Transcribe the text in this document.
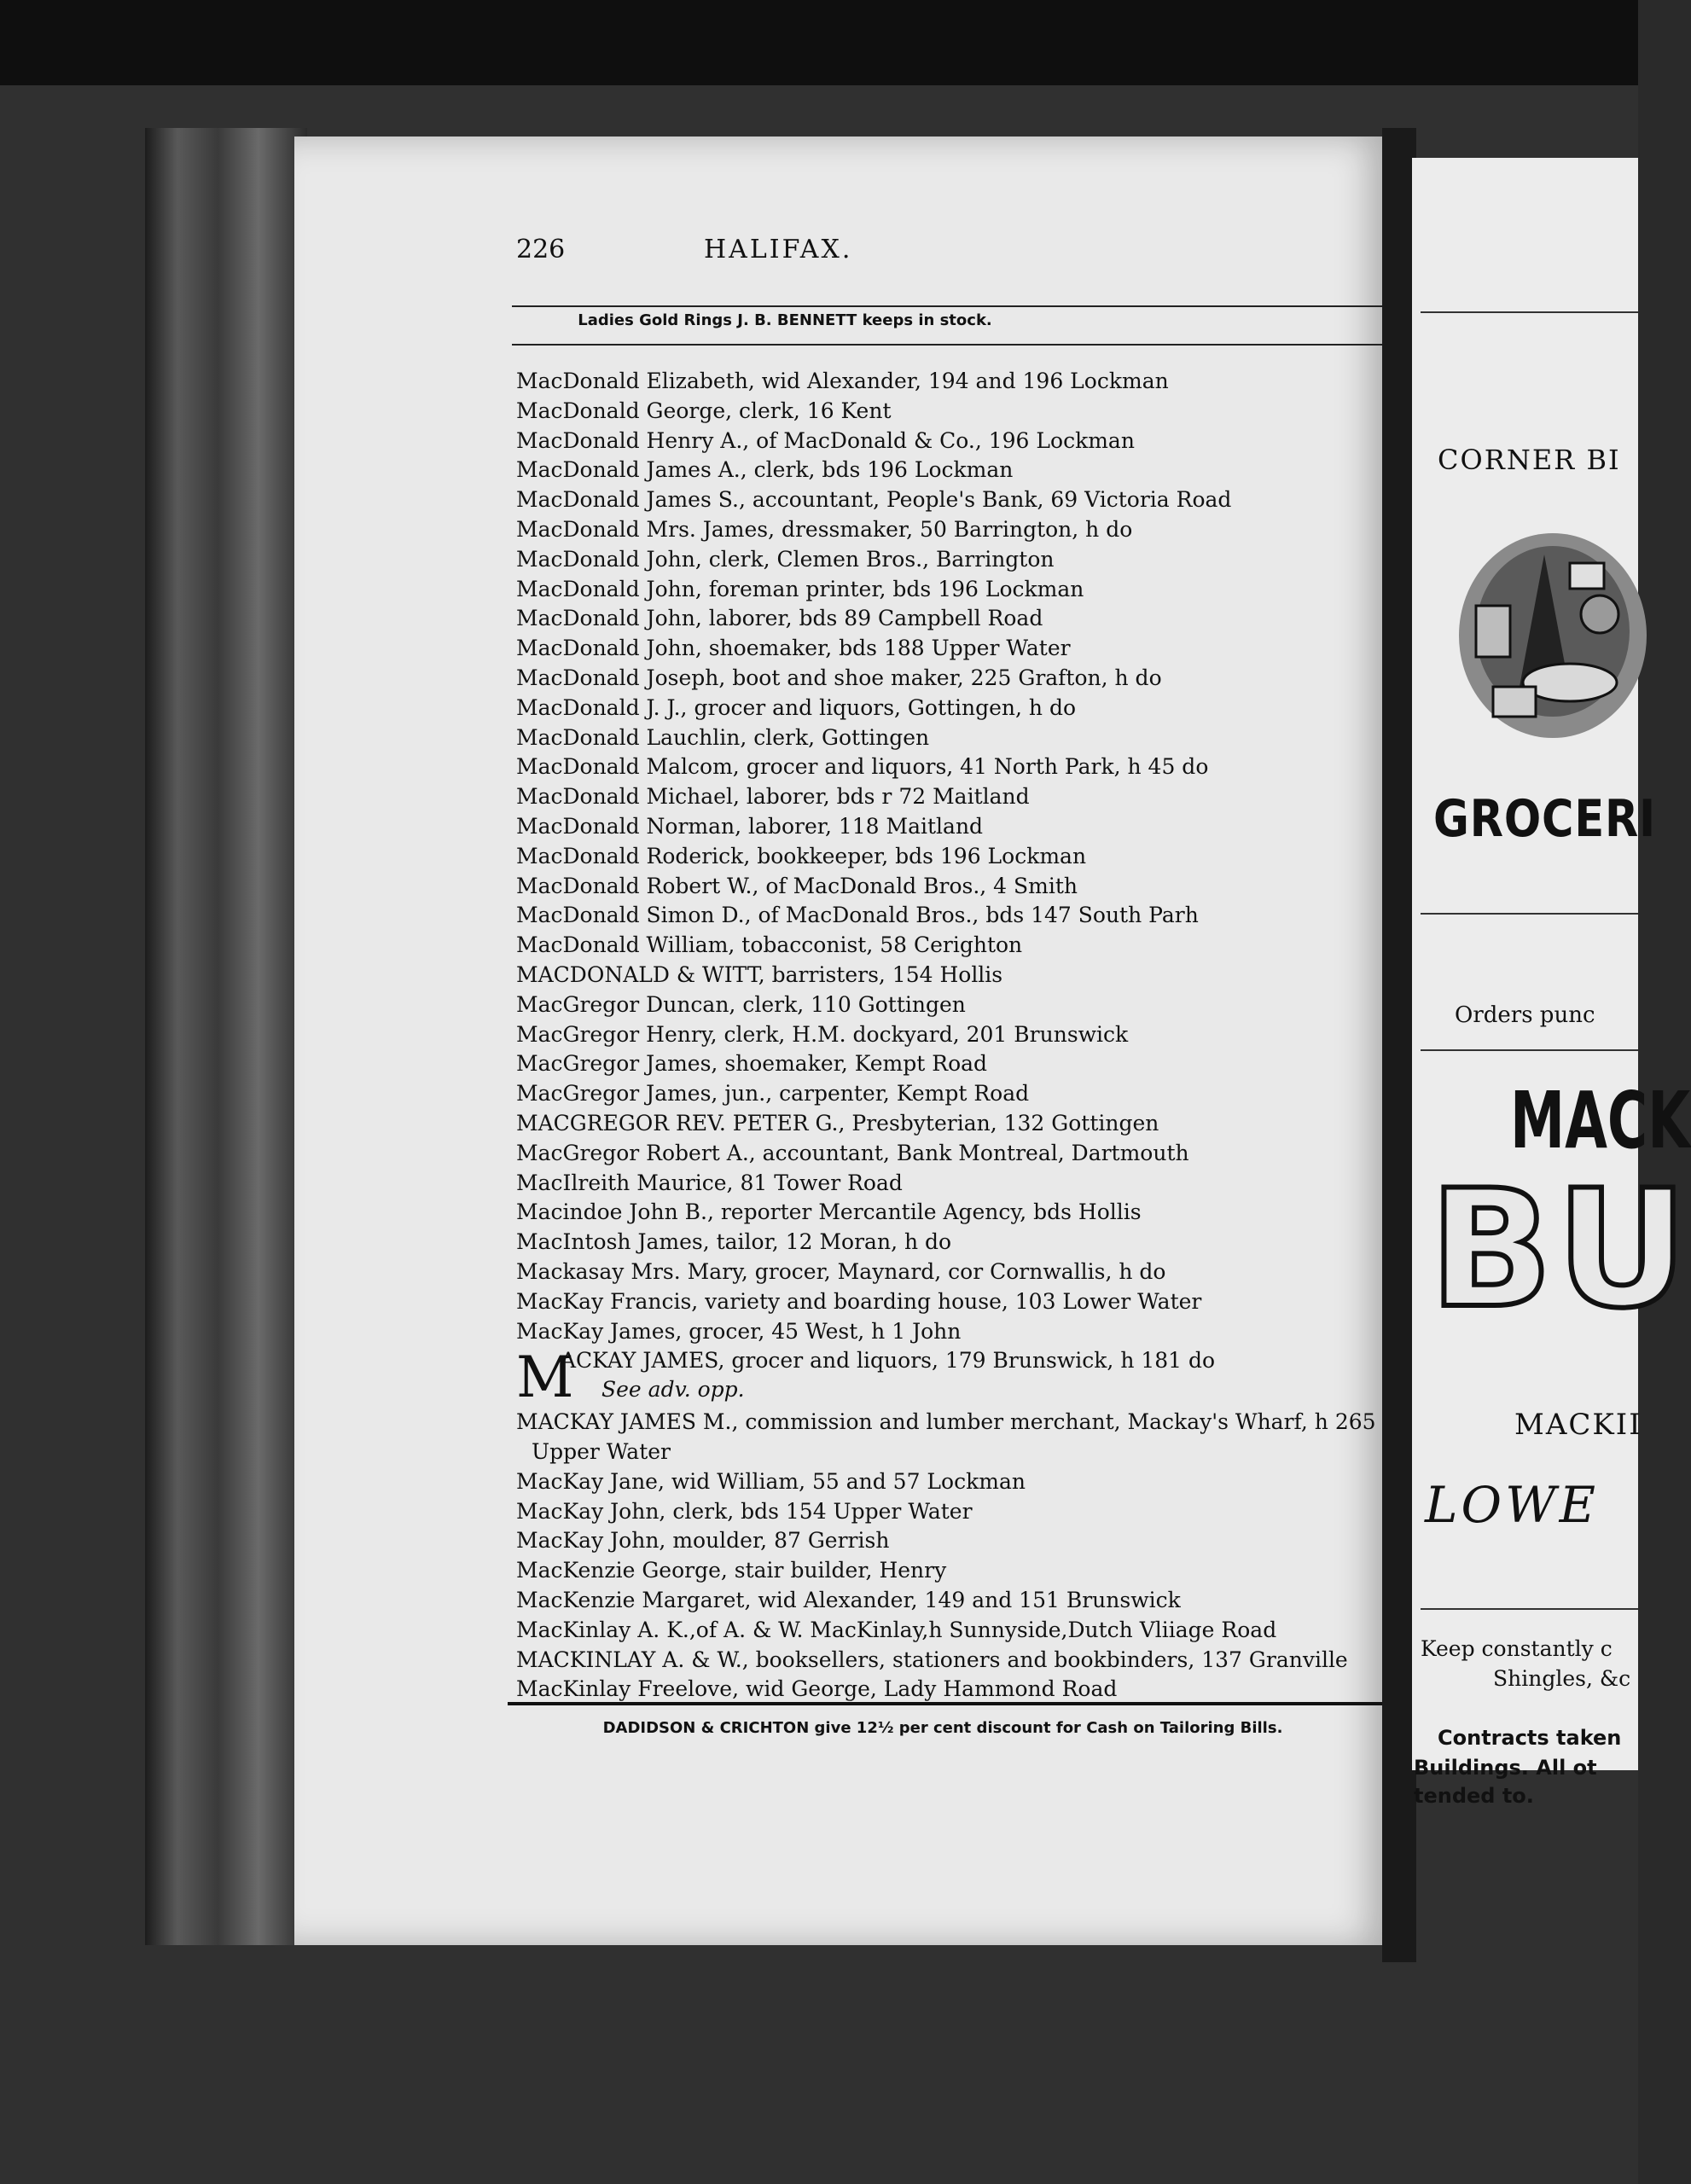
226	HALIFAX.
Ladies Gold Rings J. B. BENNETT keeps in stock.
MacDonald Elizabeth, wid Alexander, 194 and 196 Lockman
MacDonald George, clerk, 16 Kent
MacDonald Henry A., of MacDonald & Co., 196 Lockman
MacDonald James A., clerk, bds 196 Lockman
MacDonald James S., accountant, People's Bank, 69 Victoria Road
MacDonald Mrs. James, dressmaker, 50 Barrington, h do
MacDonald John, clerk, Clemen Bros., Barrington
MacDonald John, foreman printer, bds 196 Lockman
MacDonald John, laborer, bds 89 Campbell Road
MacDonald John, shoemaker, bds 188 Upper Water
MacDonald Joseph, boot and shoe maker, 225 Grafton, h do
MacDonald J. J., grocer and liquors, Gottingen, h do
MacDonald Lauchlin, clerk, Gottingen
MacDonald Malcom, grocer and liquors, 41 North Park, h 45 do
MacDonald Michael, laborer, bds r 72 Maitland
MacDonald Norman, laborer, 118 Maitland
MacDonald Roderick, bookkeeper, bds 196 Lockman
MacDonald Robert W., of MacDonald Bros., 4 Smith
MacDonald Simon D., of MacDonald Bros., bds 147 South Parh
MacDonald William, tobacconist, 58 Cerighton
MACDONALD & WITT, barristers, 154 Hollis
MacGregor Duncan, clerk, 110 Gottingen
MacGregor Henry, clerk, H.M. dockyard, 201 Brunswick
MacGregor James, shoemaker, Kempt Road
MacGregor James, jun., carpenter, Kempt Road
MACGREGOR REV. PETER G., Presbyterian, 132 Gottingen
MacGregor Robert A., accountant, Bank Montreal, Dartmouth
MacIlreith Maurice, 81 Tower Road
Macindoe John B., reporter Mercantile Agency, bds Hollis
MacIntosh James, tailor, 12 Moran, h do
Mackasay Mrs. Mary, grocer, Maynard, cor Cornwallis, h do
MacKay Francis, variety and boarding house, 103 Lower Water
MacKay James, grocer, 45 West, h 1 John
M
ACKAY JAMES, grocer and liquors, 179 Brunswick, h 181 do
See adv. opp.
MACKAY JAMES M., commission and lumber merchant, Mackay's Wharf, h 265 Upper Water
MacKay Jane, wid William, 55 and 57 Lockman
MacKay John, clerk, bds 154 Upper Water
MacKay John, moulder, 87 Gerrish
MacKenzie George, stair builder, Henry
MacKenzie Margaret, wid Alexander, 149 and 151 Brunswick
MacKinlay A. K.,of A. & W. MacKinlay,h Sunnyside,Dutch Vliiage Road
MACKINLAY A. & W., booksellers, stationers and bookbinders, 137 Granville
MacKinlay Freelove, wid George, Lady Hammond Road
DADIDSON & CRICHTON give 12½ per cent discount for Cash on Tailoring Bills.
CORNER BI
GROCERI
Orders punc
MACK
BU
MACKII
LOWE
Keep constantly c
Shingles, &c
Contracts taken
Buildings. All ot
tended to.
